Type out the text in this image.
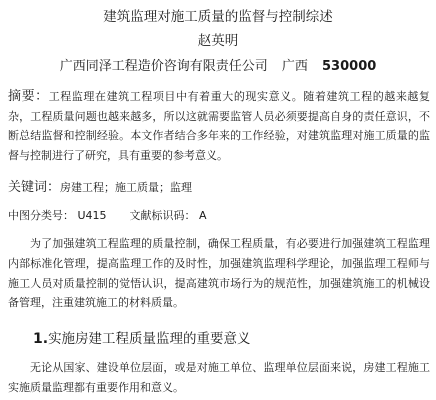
建筑监理对施工质量的监督与控制综述
赵英明
广西同泽工程造价咨询有限责任公司 广西 530000
摘要：工程监理在建筑工程项目中有着重大的现实意义。随着建筑工程的越来越复杂，工程质量问题也越来越多，所以这就需要监管人员必须要提高自身的责任意识，不断总结监督和控制经验。本文作者结合多年来的工作经验，对建筑监理对施工质量的监督与控制进行了研究，具有重要的参考意义。
关键词：房建工程；施工质量；监理
中图分类号： U415 文献标识码： A
为了加强建筑工程监理的质量控制，确保工程质量，有必要进行加强建筑工程监理内部标准化管理，提高监理工作的及时性，加强建筑监理科学理论，加强监理工程师与施工人员对质量控制的觉悟认识，提高建筑市场行为的规范性，加强建筑施工的机械设备管理，注重建筑施工的材料质量。
1.实施房建工程质量监理的重要意义
无论从国家、建设单位层面，或是对施工单位、监理单位层面来说，房建工程施工实施质量监理都有重要作用和意义。
